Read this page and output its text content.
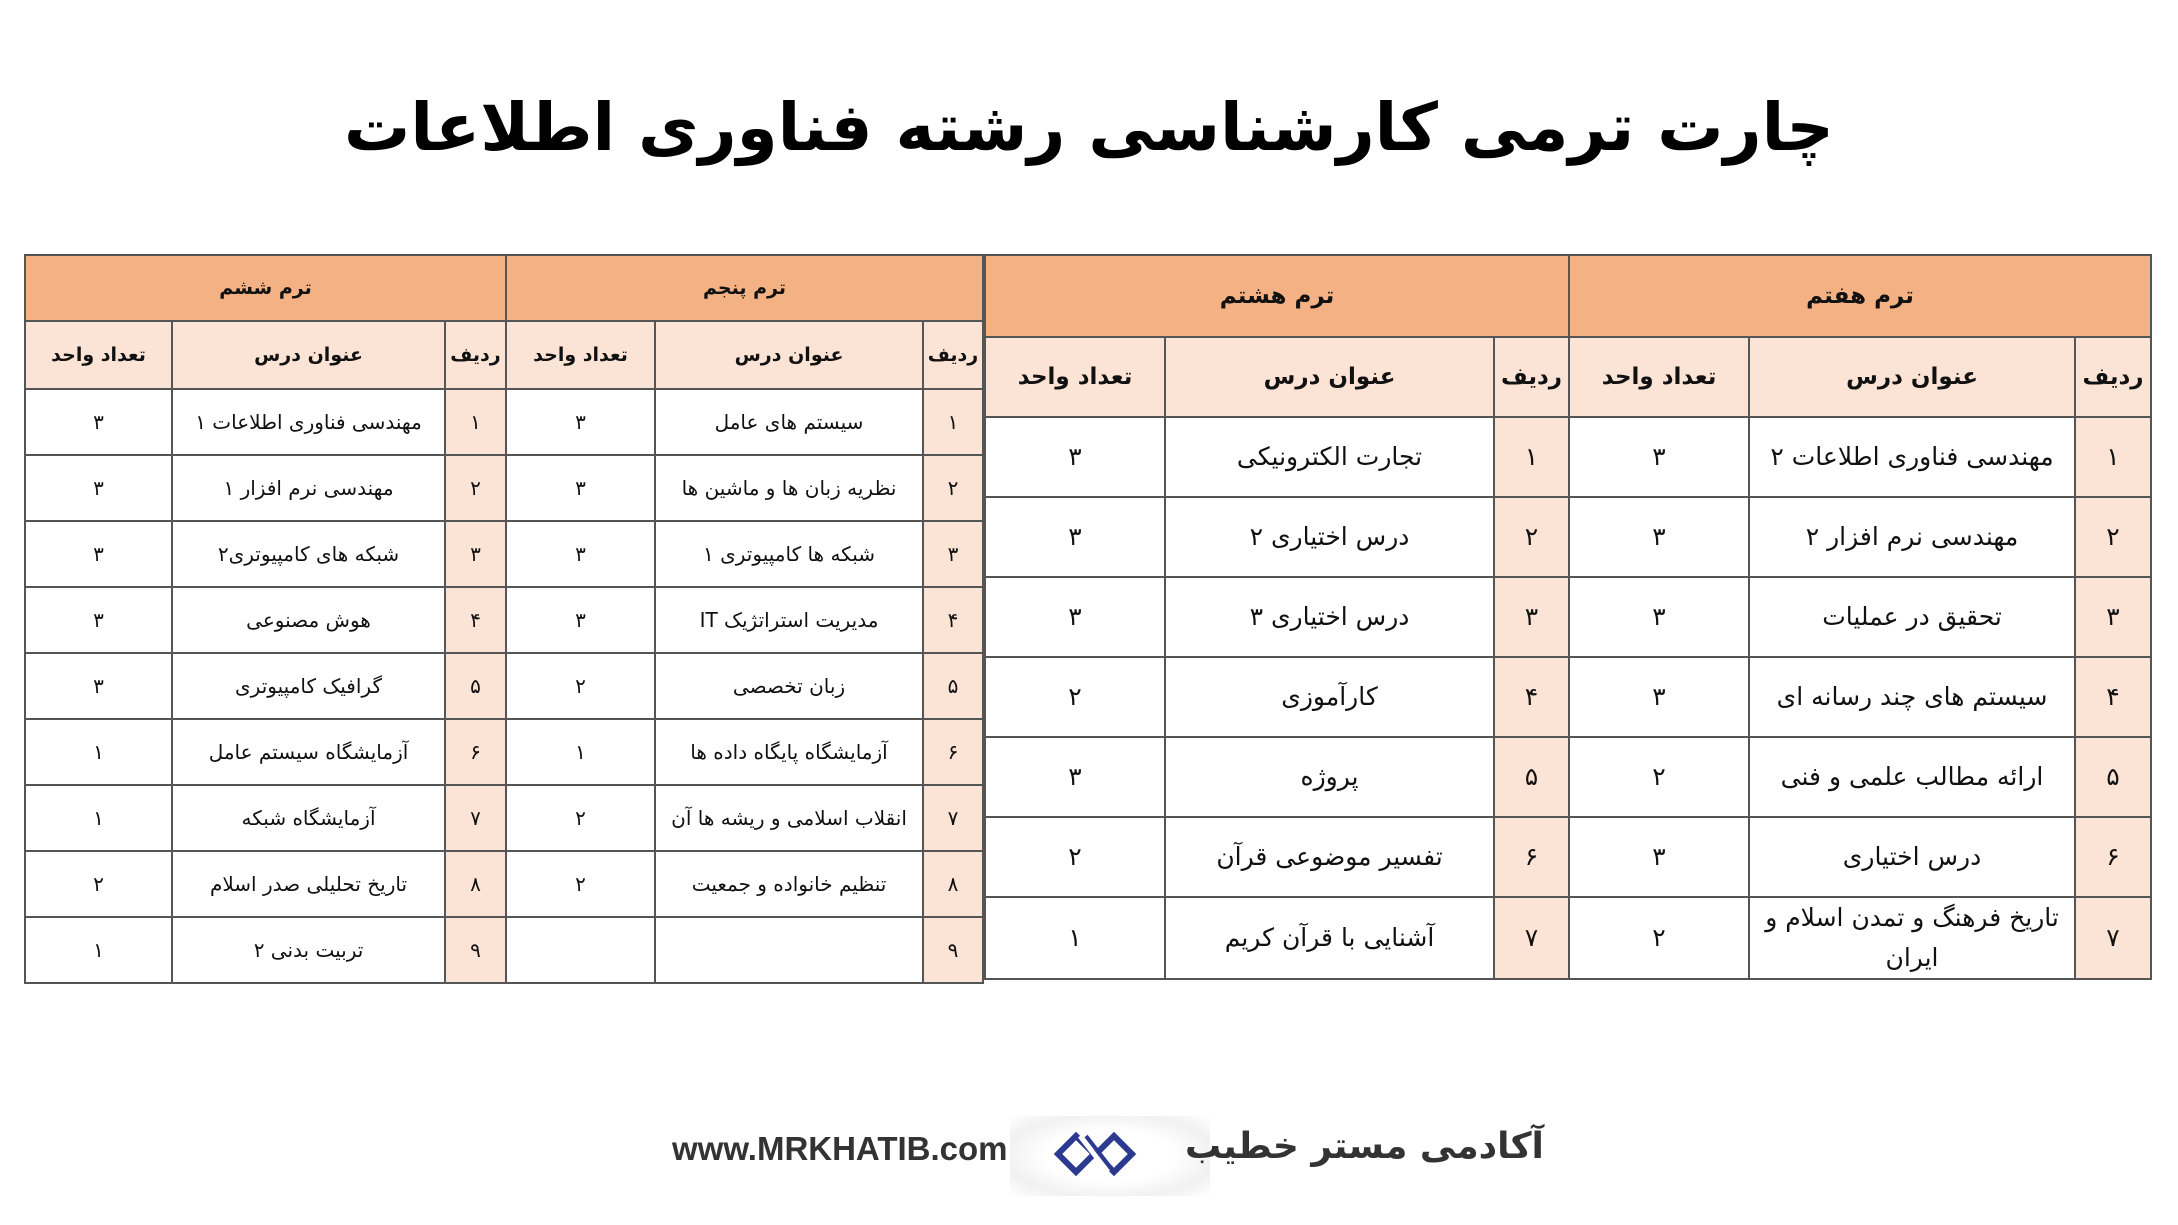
چارت ترمی کارشناسی رشته فناوری اطلاعات
ترم پنجم			ترم ششم		
ردیف	عنوان درس	تعداد واحد	ردیف	عنوان درس	تعداد واحد
۱	سیستم های عامل	۳	۱	مهندسی فناوری اطلاعات ۱	۳
۲	نظریه زبان ها و ماشین ها	۳	۲	مهندسی نرم افزار ۱	۳
۳	شبکه ها کامپیوتری ۱	۳	۳	شبکه های کامپیوتری۲	۳
۴	مدیریت استراتژیک IT	۳	۴	هوش مصنوعی	۳
۵	زبان تخصصی	۲	۵	گرافیک کامپیوتری	۳
۶	آزمایشگاه پایگاه داده ها	۱	۶	آزمایشگاه سیستم عامل	۱
۷	انقلاب اسلامی و ریشه ها آن	۲	۷	آزمایشگاه شبکه	۱
۸	تنظیم خانواده و جمعیت	۲	۸	تاریخ تحلیلی صدر اسلام	۲
۹			۹	تربیت بدنی ۲	۱
ترم هفتم			ترم هشتم		
ردیف	عنوان درس	تعداد واحد	ردیف	عنوان درس	تعداد واحد
۱	مهندسی فناوری اطلاعات ۲	۳	۱	تجارت الکترونیکی	۳
۲	مهندسی نرم افزار ۲	۳	۲	درس اختیاری ۲	۳
۳	تحقیق در عملیات	۳	۳	درس اختیاری ۳	۳
۴	سیستم های چند رسانه ای	۳	۴	کارآموزی	۲
۵	ارائه مطالب علمی و فنی	۲	۵	پروژه	۳
۶	درس اختیاری	۳	۶	تفسیر موضوعی قرآن	۲
۷	تاریخ فرهنگ و تمدن اسلام و ایران	۲	۷	آشنایی با قرآن کریم	۱
www.MRKHATIB.com	آکادمی مستر خطیب
